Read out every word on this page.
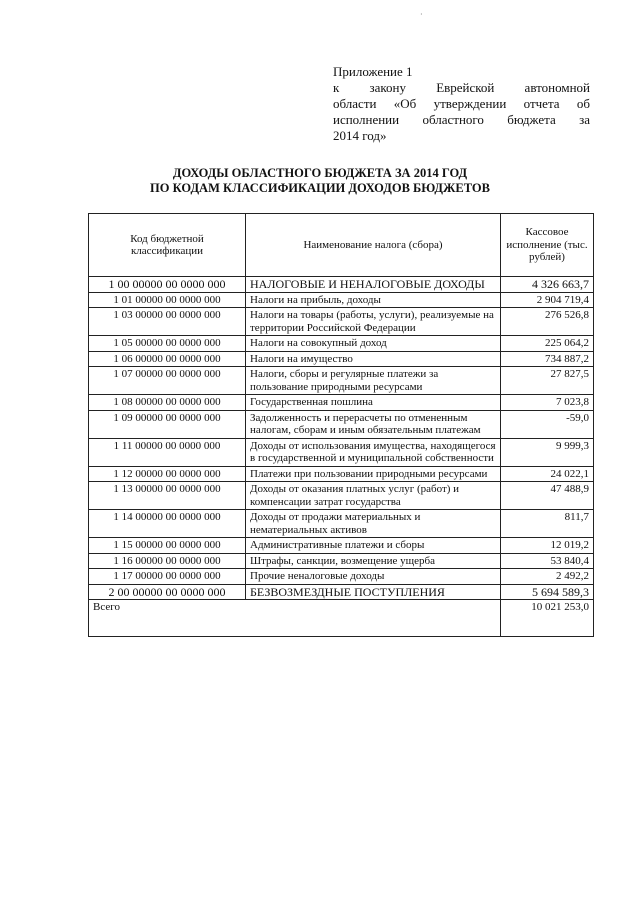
·
Приложение 1
к закону Еврейской автономной
области «Об утверждении отчета об
исполнении областного бюджета за
2014 год»
ДОХОДЫ ОБЛАСТНОГО БЮДЖЕТА ЗА 2014 ГОД
ПО КОДАМ КЛАССИФИКАЦИИ ДОХОДОВ БЮДЖЕТОВ
Код бюджетной классификации	Наименование налога (сбора)	Кассовое исполнение (тыс. рублей)
1 00 00000 00 0000 000	НАЛОГОВЫЕ И НЕНАЛОГОВЫЕ ДОХОДЫ	4 326 663,7
1 01 00000 00 0000 000	Налоги на прибыль, доходы	2 904 719,4
1 03 00000 00 0000 000	Налоги на товары (работы, услуги), реализуемые на территории Российской Федерации	276 526,8
1 05 00000 00 0000 000	Налоги на совокупный доход	225 064,2
1 06 00000 00 0000 000	Налоги на имущество	734 887,2
1 07 00000 00 0000 000	Налоги, сборы и регулярные платежи за пользование природными ресурсами	27 827,5
1 08 00000 00 0000 000	Государственная пошлина	7 023,8
1 09 00000 00 0000 000	Задолженность и перерасчеты по отмененным налогам, сборам и иным обязательным платежам	-59,0
1 11 00000 00 0000 000	Доходы от использования имущества, находящегося в государственной и муниципальной собственности	9 999,3
1 12 00000 00 0000 000	Платежи при пользовании природными ресурсами	24 022,1
1 13 00000 00 0000 000	Доходы от оказания платных услуг (работ) и компенсации затрат государства	47 488,9
1 14 00000 00 0000 000	Доходы от продажи материальных и нематериальных активов	811,7
1 15 00000 00 0000 000	Административные платежи и сборы	12 019,2
1 16 00000 00 0000 000	Штрафы, санкции, возмещение ущерба	53 840,4
1 17 00000 00 0000 000	Прочие неналоговые доходы	2 492,2
2 00 00000 00 0000 000	БЕЗВОЗМЕЗДНЫЕ ПОСТУПЛЕНИЯ	5 694 589,3
Всего		10 021 253,0
